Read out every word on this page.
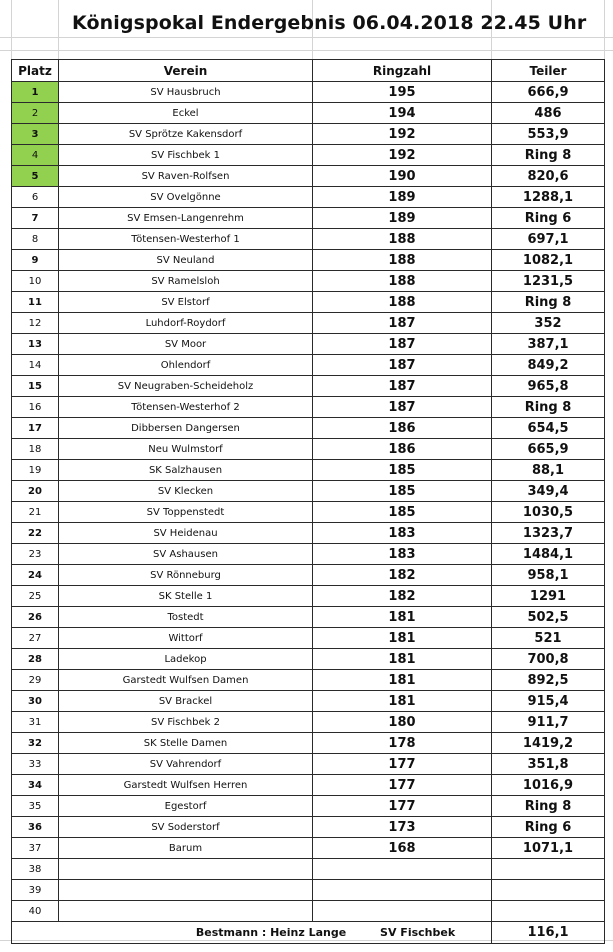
Königspokal Endergebnis 06.04.2018 22.45 Uhr
Platz	Verein	Ringzahl	Teiler
1	SV Hausbruch	195	666,9
2	Eckel	194	486
3	SV Sprötze Kakensdorf	192	553,9
4	SV Fischbek 1	192	Ring 8
5	SV Raven-Rolfsen	190	820,6
6	SV Ovelgönne	189	1288,1
7	SV Emsen-Langenrehm	189	Ring 6
8	Tötensen-Westerhof 1	188	697,1
9	SV Neuland	188	1082,1
10	SV Ramelsloh	188	1231,5
11	SV Elstorf	188	Ring 8
12	Luhdorf-Roydorf	187	352
13	SV Moor	187	387,1
14	Ohlendorf	187	849,2
15	SV Neugraben-Scheideholz	187	965,8
16	Tötensen-Westerhof 2	187	Ring 8
17	Dibbersen Dangersen	186	654,5
18	Neu Wulmstorf	186	665,9
19	SK Salzhausen	185	88,1
20	SV Klecken	185	349,4
21	SV Toppenstedt	185	1030,5
22	SV Heidenau	183	1323,7
23	SV Ashausen	183	1484,1
24	SV Rönneburg	182	958,1
25	SK Stelle 1	182	1291
26	Tostedt	181	502,5
27	Wittorf	181	521
28	Ladekop	181	700,8
29	Garstedt Wulfsen Damen	181	892,5
30	SV Brackel	181	915,4
31	SV Fischbek 2	180	911,7
32	SK Stelle Damen	178	1419,2
33	SV Vahrendorf	177	351,8
34	Garstedt Wulfsen Herren	177	1016,9
35	Egestorf	177	Ring 8
36	SV Soderstorf	173	Ring 6
37	Barum	168	1071,1
38			
39			
40			
Bestmann : Heinz Lange SV Fischbek			116,1
